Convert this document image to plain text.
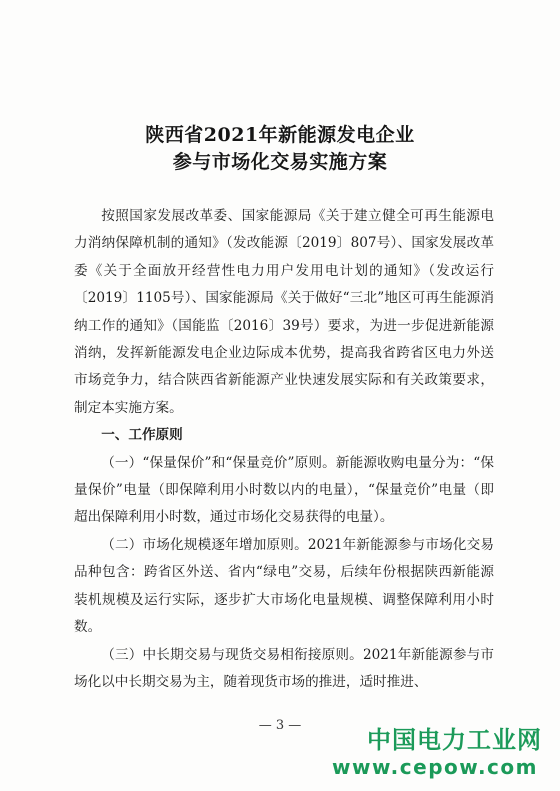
陕西省2021年新能源发电企业
参与市场化交易实施方案

按照国家发展改革委、国家能源局《关于建立健全可再生能源电力消纳保障机制的通知》（发改能源〔2019〕807号）、国家发展改革委《关于全面放开经营性电力用户发用电计划的通知》（发改运行〔2019〕1105号）、国家能源局《关于做好“三北”地区可再生能源消纳工作的通知》（国能监〔2016〕39号）要求，为进一步促进新能源消纳，发挥新能源发电企业边际成本优势，提高我省跨省区电力外送市场竞争力，结合陕西省新能源产业快速发展实际和有关政策要求，制定本实施方案。

一、工作原则

（一）“保量保价”和“保量竞价”原则。新能源收购电量分为：“保量保价”电量（即保障利用小时数以内的电量），“保量竞价”电量（即超出保障利用小时数，通过市场化交易获得的电量）。

（二）市场化规模逐年增加原则。2021年新能源参与市场化交易品种包含：跨省区外送、省内“绿电”交易，后续年份根据陕西新能源装机规模及运行实际，逐步扩大市场化电量规模、调整保障利用小时数。

（三）中长期交易与现货交易相衔接原则。2021年新能源参与市场化以中长期交易为主，随着现货市场的推进，适时推进、

— 3 —
中国电力工业网
www.cepow.com
